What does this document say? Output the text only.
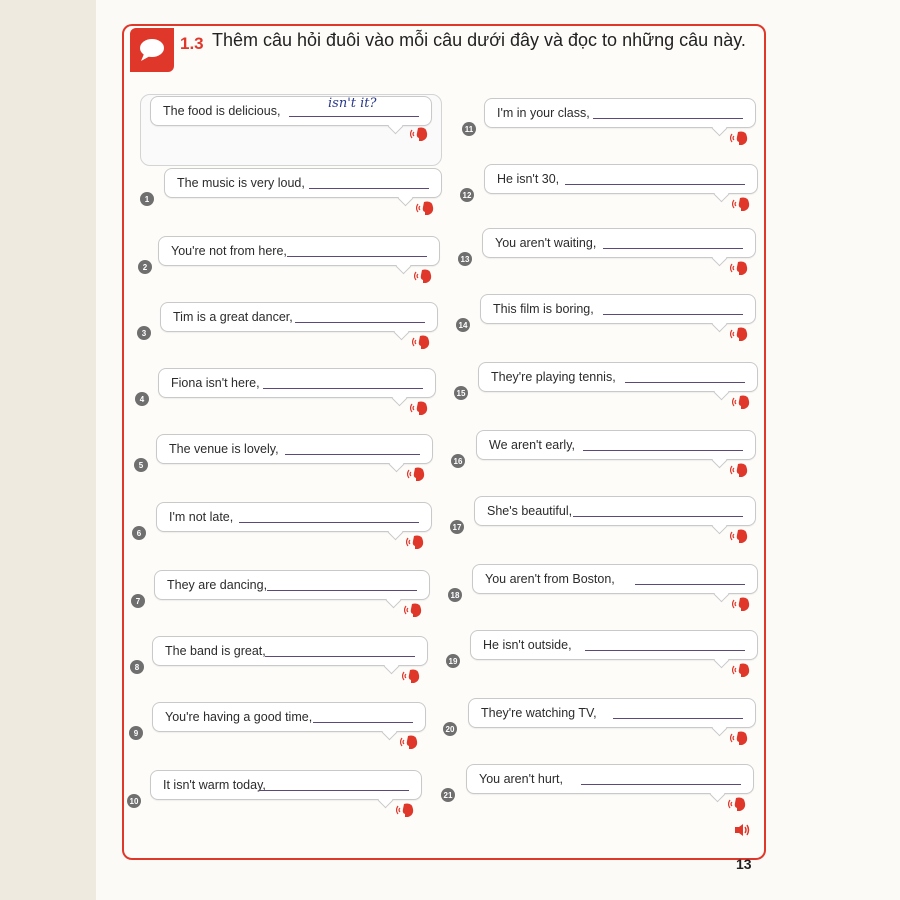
1.3 Thêm câu hỏi đuôi vào mỗi câu dưới đây và đọc to những câu này.
The food is delicious,	isn't it?
1
The music is very loud,
2
You're not from here,
3
Tim is a great dancer,
4
Fiona isn't here,
5
The venue is lovely,
6
I'm not late,
7
They are dancing,
8
The band is great,
9
You're having a good time,
10
It isn't warm today,
11
I'm in your class,
12
He isn't 30,
13
You aren't waiting,
14
This film is boring,
15
They're playing tennis,
16
We aren't early,
17
She's beautiful,
18
You aren't from Boston,
19
He isn't outside,
20
They're watching TV,
21
You aren't hurt,
13
